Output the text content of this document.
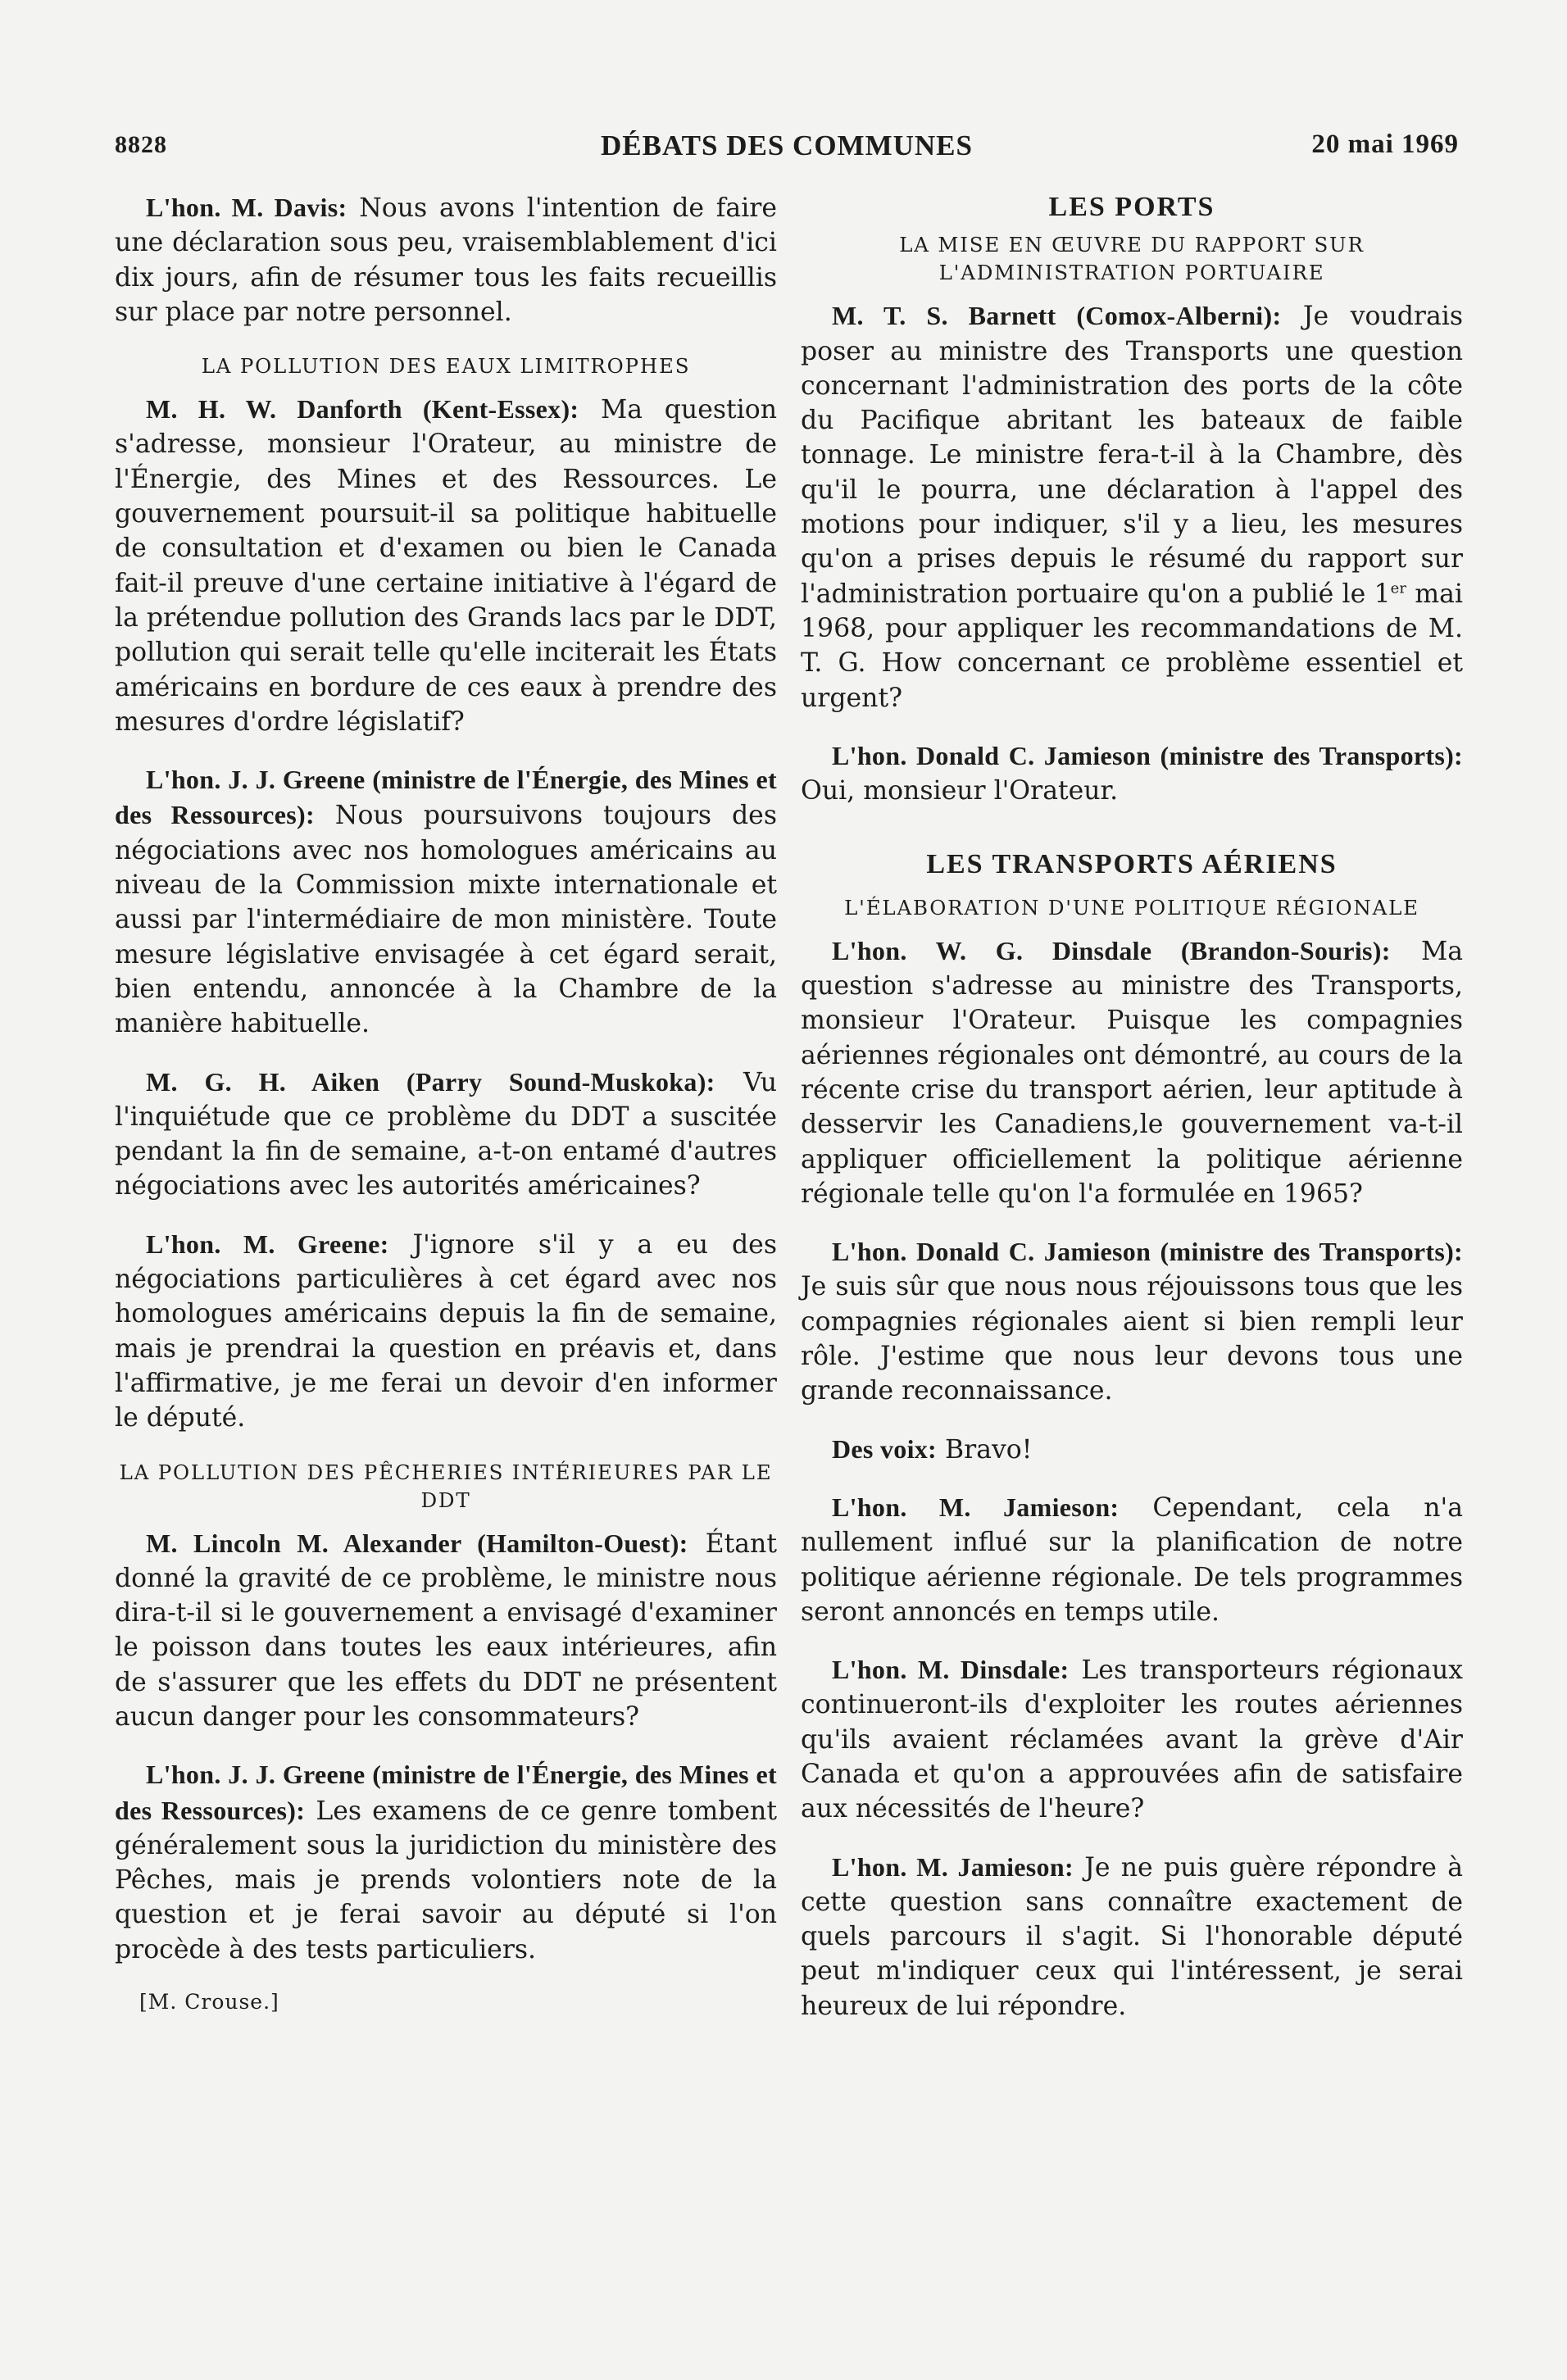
8828	DÉBATS DES COMMUNES	20 mai 1969

L'hon. M. Davis: Nous avons l'intention de faire une déclaration sous peu, vraisemblablement d'ici dix jours, afin de résumer tous les faits recueillis sur place par notre personnel.

LA POLLUTION DES EAUX LIMITROPHES

M. H. W. Danforth (Kent-Essex): Ma question s'adresse, monsieur l'Orateur, au ministre de l'Énergie, des Mines et des Ressources. Le gouvernement poursuit-il sa politique habituelle de consultation et d'examen ou bien le Canada fait-il preuve d'une certaine initiative à l'égard de la prétendue pollution des Grands lacs par le DDT, pollution qui serait telle qu'elle inciterait les États américains en bordure de ces eaux à prendre des mesures d'ordre législatif?

L'hon. J. J. Greene (ministre de l'Énergie, des Mines et des Ressources): Nous poursuivons toujours des négociations avec nos homologues américains au niveau de la Commission mixte internationale et aussi par l'intermédiaire de mon ministère. Toute mesure législative envisagée à cet égard serait, bien entendu, annoncée à la Chambre de la manière habituelle.

M. G. H. Aiken (Parry Sound-Muskoka): Vu l'inquiétude que ce problème du DDT a suscitée pendant la fin de semaine, a-t-on entamé d'autres négociations avec les autorités américaines?

L'hon. M. Greene: J'ignore s'il y a eu des négociations particulières à cet égard avec nos homologues américains depuis la fin de semaine, mais je prendrai la question en préavis et, dans l'affirmative, je me ferai un devoir d'en informer le député.

LA POLLUTION DES PÊCHERIES INTÉRIEURES PAR LE DDT

M. Lincoln M. Alexander (Hamilton-Ouest): Étant donné la gravité de ce problème, le ministre nous dira-t-il si le gouvernement a envisagé d'examiner le poisson dans toutes les eaux intérieures, afin de s'assurer que les effets du DDT ne présentent aucun danger pour les consommateurs?

L'hon. J. J. Greene (ministre de l'Énergie, des Mines et des Ressources): Les examens de ce genre tombent généralement sous la juridiction du ministère des Pêches, mais je prends volontiers note de la question et je ferai savoir au député si l'on procède à des tests particuliers.

[M. Crouse.]
LES PORTS
LA MISE EN ŒUVRE DU RAPPORT SUR L'ADMINISTRATION PORTUAIRE

M. T. S. Barnett (Comox-Alberni): Je voudrais poser au ministre des Transports une question concernant l'administration des ports de la côte du Pacifique abritant les bateaux de faible tonnage. Le ministre fera-t-il à la Chambre, dès qu'il le pourra, une déclaration à l'appel des motions pour indiquer, s'il y a lieu, les mesures qu'on a prises depuis le résumé du rapport sur l'administration portuaire qu'on a publié le 1er mai 1968, pour appliquer les recommandations de M. T. G. How concernant ce problème essentiel et urgent?

L'hon. Donald C. Jamieson (ministre des Transports): Oui, monsieur l'Orateur.

LES TRANSPORTS AÉRIENS
L'ÉLABORATION D'UNE POLITIQUE RÉGIONALE

L'hon. W. G. Dinsdale (Brandon-Souris): Ma question s'adresse au ministre des Transports, monsieur l'Orateur. Puisque les compagnies aériennes régionales ont démontré, au cours de la récente crise du transport aérien, leur aptitude à desservir les Canadiens,le gouvernement va-t-il appliquer officiellement la politique aérienne régionale telle qu'on l'a formulée en 1965?

L'hon. Donald C. Jamieson (ministre des Transports): Je suis sûr que nous nous réjouissons tous que les compagnies régionales aient si bien rempli leur rôle. J'estime que nous leur devons tous une grande reconnaissance.

Des voix: Bravo!

L'hon. M. Jamieson: Cependant, cela n'a nullement influé sur la planification de notre politique aérienne régionale. De tels programmes seront annoncés en temps utile.

L'hon. M. Dinsdale: Les transporteurs régionaux continueront-ils d'exploiter les routes aériennes qu'ils avaient réclamées avant la grève d'Air Canada et qu'on a approuvées afin de satisfaire aux nécessités de l'heure?

L'hon. M. Jamieson: Je ne puis guère répondre à cette question sans connaître exactement de quels parcours il s'agit. Si l'honorable député peut m'indiquer ceux qui l'intéressent, je serai heureux de lui répondre.
